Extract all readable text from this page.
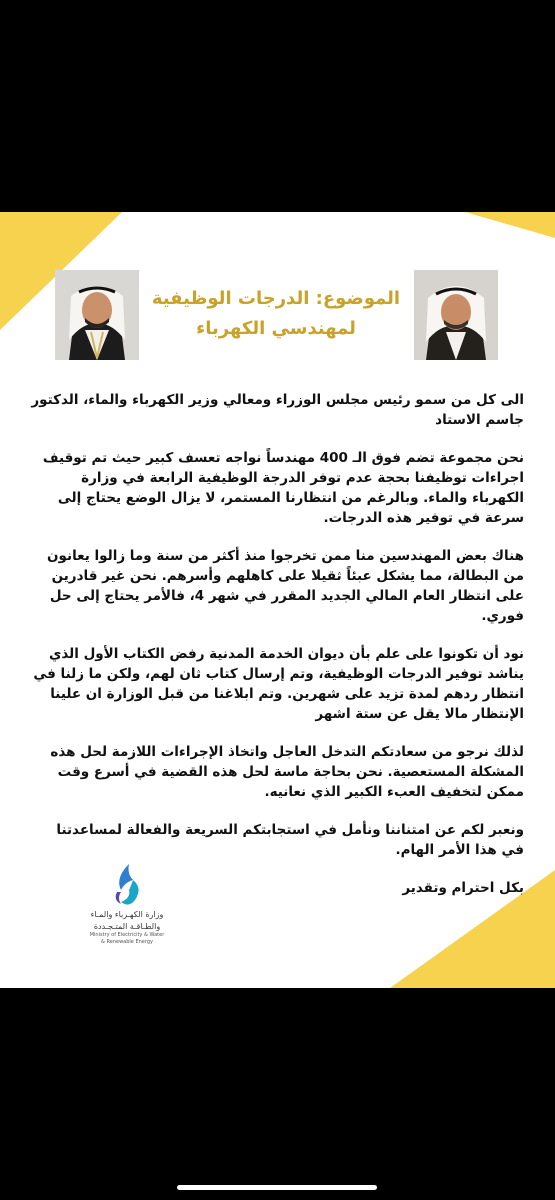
الموضوع: الدرجات الوظيفية
لمهندسي الكهرباء

الى كل من سمو رئيس مجلس الوزراء ومعالي وزير الكهرباء والماء، الدكتور جاسم الاستاد

نحن مجموعة تضم فوق الـ 400 مهندساً نواجه تعسف كبير حيث تم توقيف اجراءات توظيفنا بحجة عدم توفر الدرجة الوظيفية الرابعة في وزارة الكهرباء والماء. وبالرغم من انتظارنا المستمر، لا يزال الوضع يحتاج إلى سرعة في توفير هذه الدرجات.

هناك بعض المهندسين منا ممن تخرجوا منذ أكثر من سنة وما زالوا يعانون من البطالة، مما يشكل عبئاً ثقيلا على كاهلهم وأسرهم. نحن غير قادرين على انتظار العام المالي الجديد المقرر في شهر 4، فالأمر يحتاج إلى حل فوري.

نود أن تكونوا على علم بأن ديوان الخدمة المدنية رفض الكتاب الأول الذي يناشد توفير الدرجات الوظيفية، وتم إرسال كتاب ثان لهم، ولكن ما زلنا في انتظار ردهم لمدة تزيد على شهرين. وتم ابلاغنا من قبل الوزارة ان علينا الإنتظار مالا يقل عن ستة اشهر

لذلك نرجو من سعادتكم التدخل العاجل واتخاذ الإجراءات اللازمة لحل هذه المشكلة المستعصية. نحن بحاجة ماسة لحل هذه القضية في أسرع وقت ممكن لتخفيف العبء الكبير الذي نعانيه.

ونعبر لكم عن امتناننا ونأمل في استجابتكم السريعة والفعالة لمساعدتنا في هذا الأمر الهام.

بكل احترام وتقدير

وزارة الكهـرباء والمـاء
والطـاقـة المتـجـددة
Ministry of Electricity & Water
& Renewable Energy
